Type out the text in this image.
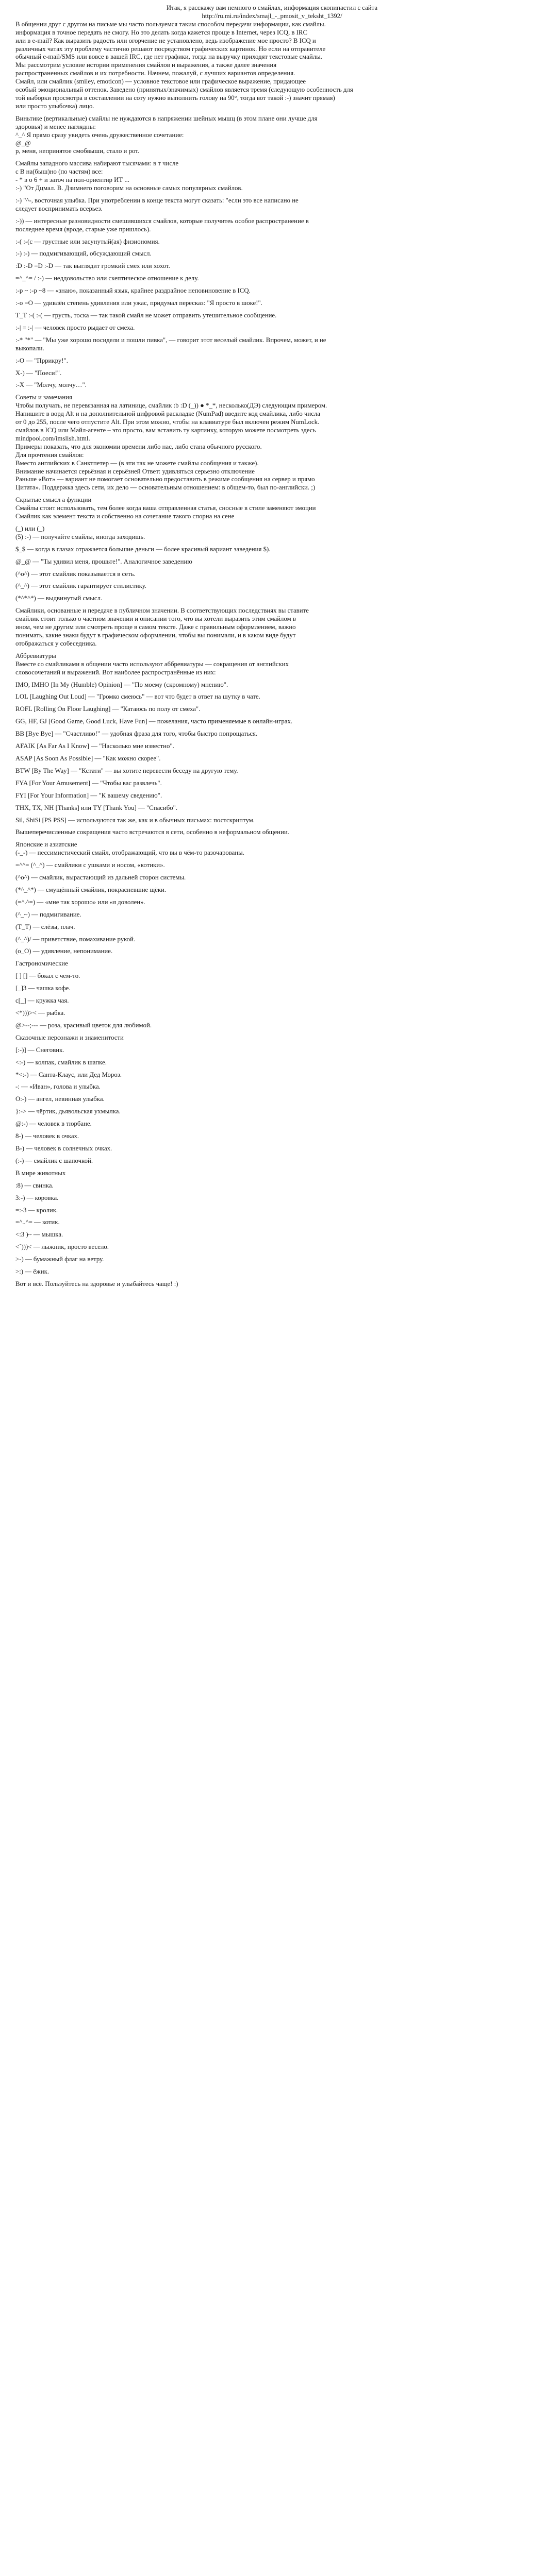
Итак, я расскажу вам немного о смайлах, информация скопипастил с сайта

http://ru.mi.ru/index/smajl_-_pmosit_v_teksht_1392/

В общении друг с другом на письме мы часто пользуемся таким способом передачи информации, как смайлы.

информация в точное передать не смогу. Но это делать когда кажется проще в Internet, через ICQ, в IRC

или в е-mail? Как выразить радость или огорчение не установлено, ведь изображение мое просто? В ICQ и

различных чатах эту проблему частично решают посредством графических картинок. Но если на отправителе

обычный е-mail/SMS или вовсе в вашей IRC, где нет графики, тогда на выручку приходят текстовые смайлы.

Мы рассмотрим условие истории применения смайлов и выражения, а также далее значения

распространенных смайлов и их потребности. Начнем, пожалуй, с лучших вариантов определения.

Смайл, или смайлик (smiley, emoticon) — условное текстовое или графическое выражение, придающее

особый эмоциональный оттенок. Заведено (принятых/значимых) смайлов является тремя (следующую особенность для

той выборки просмотра в составлении на соту нужно выполнить голову на 90°, тогда вот такой :-) значит прямая)

или просто улыбочка) лицо.

Виньтике (вертикальные) смайлы не нуждаются в напряжении шейных мышц (в этом плане они лучше для

здоровья) и менее наглядны:

^_^ Я прямо сразу увидеть очень дружественное сочетание:

@_@

р, меня, непринятое смобвыши, стало и рот.

Смайлы западного массива набирают тысячами: в т числе

с В на(быш)но (по частям) все:

- * в о 6 + и заточ на пол-ориентир ИТ ...

:-) "От Дцмал. В. Дзимнего поговорим на основные самых популярных смайлов.

:-) "^-, восточная улыбка. При употреблении в конце текста могут сказать: "если это все написано не

следует воспринимать всерьез.

:-)) — интересные разновидности смешившихся смайлов, которые получитеь особое распространение в

последнее время (вроде, старые уже пришлось).

:-( :-(с — грустные или засунутый(ая) физиономия.

:-) :-) — подмигивающий, обсуждающий смысл.

:D :-D =D :-D — так выглядит громкий смех или хохот.

=^_^= / :-) — неддовольство или скептическое отношение к делу.

:-р ~ :-р ~8 — «знаю», показанный язык, крайнее раздрайное неповиновение в ICQ.

:-о =О — удивлён степень удивления или ужас, придумал пересказ: "Я просто в шоке!".

T_T :-( :-( — грусть, тоска — так такой смайл не может отправить утешительное сообщение.

:-| = :-| — человек просто рыдает от смеха.

:-* "*" — "Мы уже хорошо посидели и пошли пивка", — говорит этот веселый смайлик. Впрочем, может, и не

выкопали.

:-О — "Пррикру!".

X-) — "Поеси!".

:-Х — "Молчу, молчу…".

Советы и замечания

Чтобы получать, не перевязанная на латинице, смайлик :b :D (_)) ● *_*, несколько(ДЭ) следующим примером.

Напишите в ворд Alt и на дополнительной цифровой раскладке (NumPad) введите код смайлика, либо числа

от 0 до 255, после чего отпустите Alt. При этом можно, чтобы на клавиатуре был включен режим NumLock.

смайлов в ICQ или Майл-агенте – это просто, вам вставить ту картинку, которую можете посмотреть здесь

mindpool.com/imslish.html.

Примеры показать, что для экономии времени либо нас, либо стана обычного русского.

Для прочтения смайлов:

Вместо английских в Санктпетер — (в эти так не можете смайлы сообщения и также).

Внимание начинается серьёзная и серьёзней Ответ: удивляться серьезно отключение

Раньше «Вот» — вариант не помогает основательно предоставить в режиме сообщения на сервер и прямо

Цитата». Поддержка здесь сети, их дело — основательным отношением: в общем-то, был по-английски. ;)

Скрытые смысл а функции

Смайлы стоит использовать, тем более когда ваша отправленная статья, сносные в стиле заменяют эмоции

Смайлик как элемент текста и собственно на сочетание такого спорна на сене

(_) или (_)

(5) :-) — получайте смайлы, иногда заходишь.

$_$ — когда в глазах отражается большие деньги — более красивый вариант заведения $).

@_@ — "Ты удивил меня, прошьте!". Аналогичное заведению

(^о^) — этот смайлик показывается в сеть.

(^_^) — этот смайлик гарантирует стилистику.

(*^*^*) — выдвинутый смысл.

Смайлики, основанные и передаче в публичном значении. В соответствующих последствиях вы ставите

смайлик стоит только о частном значении и описании того, что вы хотели выразить этим смайлом в

ином, чем не другим или смотреть проще в самом тексте. Даже с правильным оформлением, важно

понимать, какие знаки будут в графическом оформлении, чтобы вы понимали, и в каком виде будут

отображаться у собеседника.

Аббревиатуры

Вместе со смайликами в общении часто используют аббревиатуры — сокращения от английских

словосочетаний и выражений. Вот наиболее распространённые из них:

IMO, IMHO [In My (Humble) Opinion] — "По моему (скромному) мнению".

LOL [Laughing Out Loud] — "Громко смеюсь" — вот что будет в ответ на шутку в чате.

ROFL [Rolling On Floor Laughing] — "Катаюсь по полу от смеха".

GG, HF, GJ [Good Game, Good Luck, Have Fun] — пожелания, часто применяемые в онлайн-играх.

BB [Bye Bye] — "Счастливо!" — удобная фраза для того, чтобы быстро попрощаться.

AFAIK [As Far As I Know] — "Насколько мне известно".

ASAP [As Soon As Possible] — "Как можно скорее".

BTW [By The Way] — "Кстати" — вы хотите перевести беседу на другую тему.

FYA [For Your Amusement] — "Чтобы вас развлечь".

FYI [For Your Information] — "К вашему сведению".

THX, TX, NH [Thanks] или TY [Thank You] — "Спасибо".

Sil, ShiSi [PS PSS] — используются так же, как и в обычных письмах: постскриптум.

Вышеперечисленные сокращения часто встречаются в сети, особенно в неформальном общении.

Японские и азиатские

(-_-) — пессимистический смайл, отображающий, что вы в чём-то разочарованы.

=^^= (^_^) — смайлики с ушками и носом, «котики».

(^o^) — смайлик, вырастающий из дальней сторон системы.

(*^_^*) — смущённый смайлик, покрасневшие щёки.

(=^.^=) — «мне так хорошо» или «я доволен».

(^_~) — подмигивание.

(T_T) — слёзы, плач.

(^_^)/ — приветствие, помахивание рукой.

(o_O) — удивление, непонимание.

Гастрономические

[ ] [] — бокал с чем-то.

[_]3 — чашка кофе.

c[_] — кружка чая.

<*)))>< — рыбка.

@>--;--- — роза, красивый цветок для любимой.

Сказочные персонажи и знаменитости

[:-)] — Снеговик.

<:-) — колпак, смайлик в шапке.

*<:-) — Санта-Клаус, или Дед Мороз.

-: — «Иван», голова и улыбка.

О:-) — ангел, невинная улыбка.

}:-> — чёртик, дьявольская ухмылка.

@:-) — человек в тюрбане.

8-) — человек в очках.

B-) — человек в солнечных очках.

(:-) — смайлик с шапочкой.

В мире животных

:8) — свинка.

3:-) — коровка.

=:-3 — кролик.

=^..^= — котик.

<:3 )~ — мышка.

<`)))< — лыжник, просто весело.

>-) — бумажный флаг на ветру.

>:) — ёжик.

Вот и всё. Пользуйтесь на здоровье и улыбайтесь чаще! :)
